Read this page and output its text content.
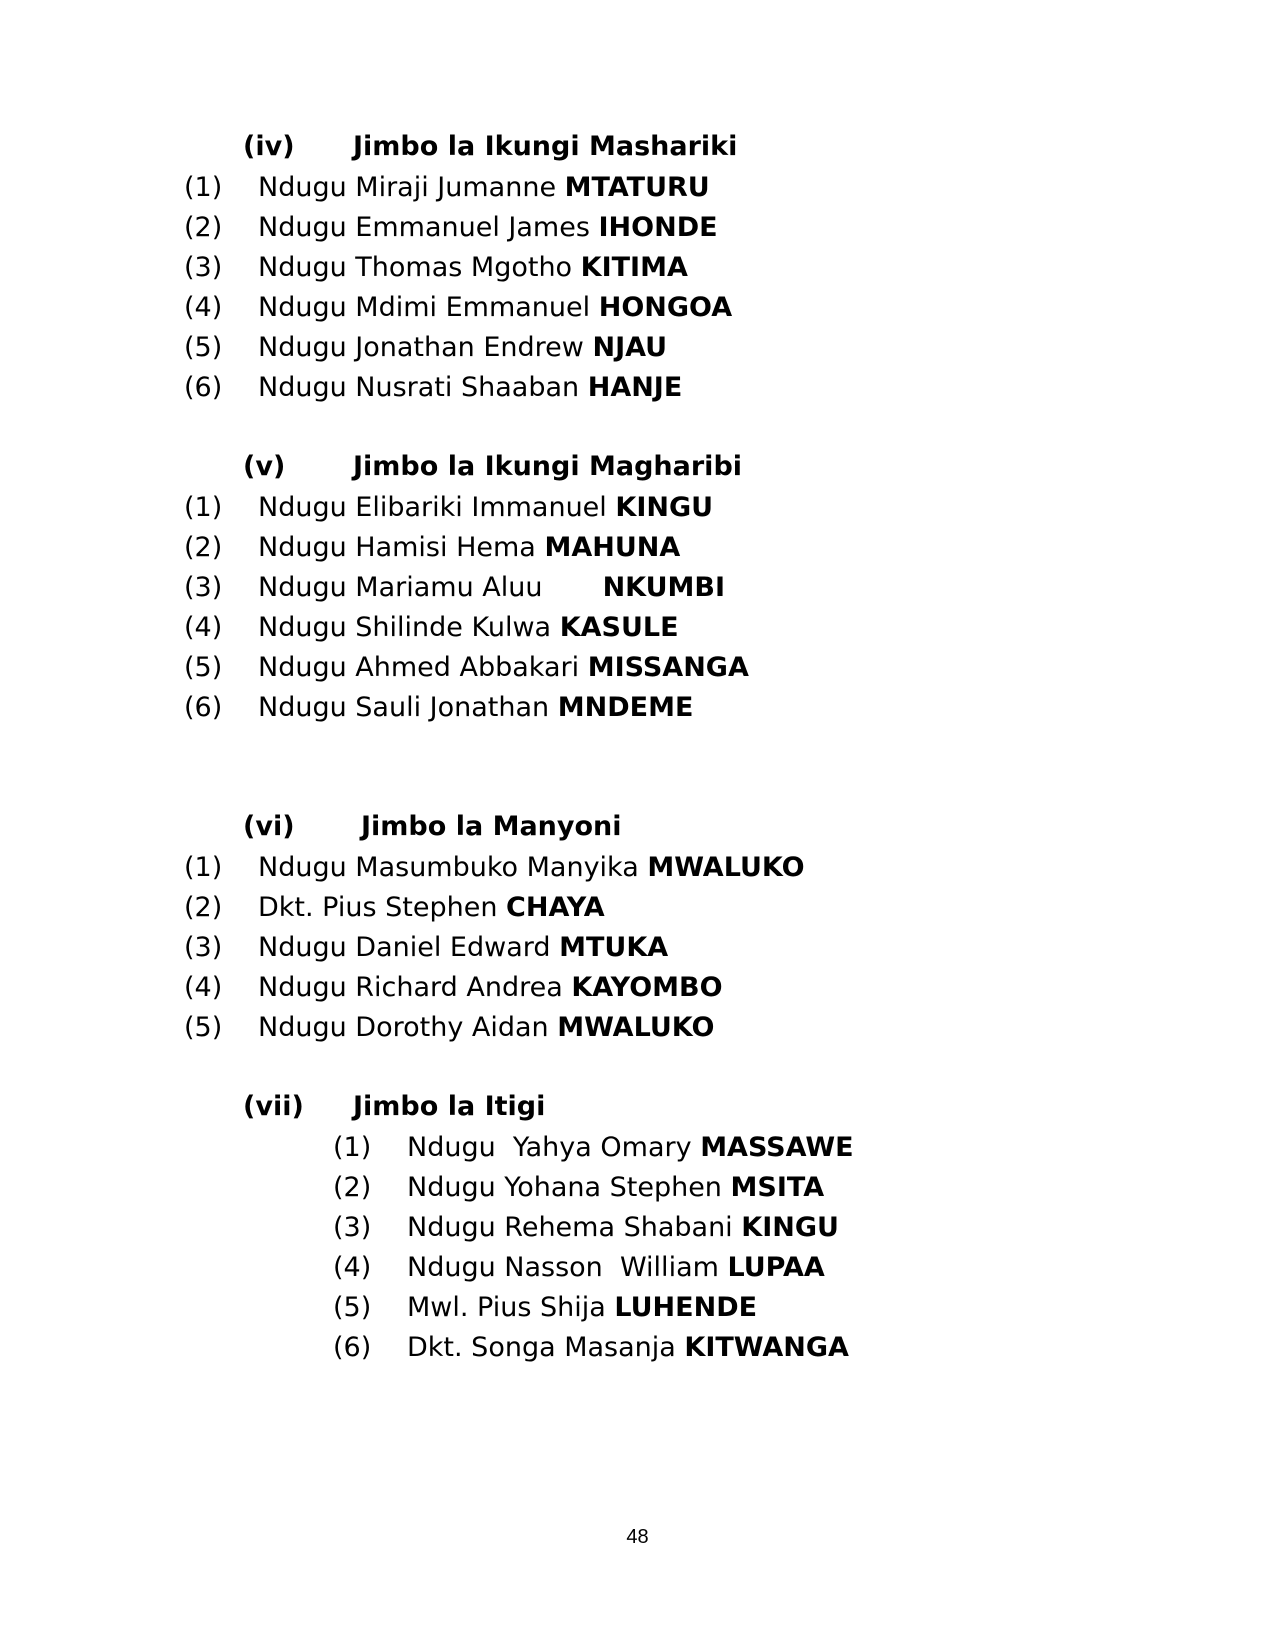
(iv) Jimbo la Ikungi Mashariki
(1) Ndugu Miraji Jumanne MTATURU
(2) Ndugu Emmanuel James IHONDE
(3) Ndugu Thomas Mgotho KITIMA
(4) Ndugu Mdimi Emmanuel HONGOA
(5) Ndugu Jonathan Endrew NJAU
(6) Ndugu Nusrati Shaaban HANJE
(v)	Jimbo la Ikungi Magharibi
(1) Ndugu Elibariki Immanuel KINGU
(2) Ndugu Hamisi Hema MAHUNA
(3) Ndugu Mariamu Aluu       NKUMBI
(4) Ndugu Shilinde Kulwa KASULE
(5) Ndugu Ahmed Abbakari MISSANGA
(6) Ndugu Sauli Jonathan MNDEME
(vi) Jimbo la Manyoni
(1) Ndugu Masumbuko Manyika MWALUKO
(2) Dkt. Pius Stephen CHAYA
(3) Ndugu Daniel Edward MTUKA
(4) Ndugu Richard Andrea KAYOMBO
(5) Ndugu Dorothy Aidan MWALUKO
(vii) Jimbo la Itigi
(1) Ndugu  Yahya Omary MASSAWE
(2) Ndugu Yohana Stephen MSITA
(3) Ndugu Rehema Shabani KINGU
(4) Ndugu Nasson  William LUPAA
(5) Mwl. Pius Shija LUHENDE
(6) Dkt. Songa Masanja KITWANGA
48
